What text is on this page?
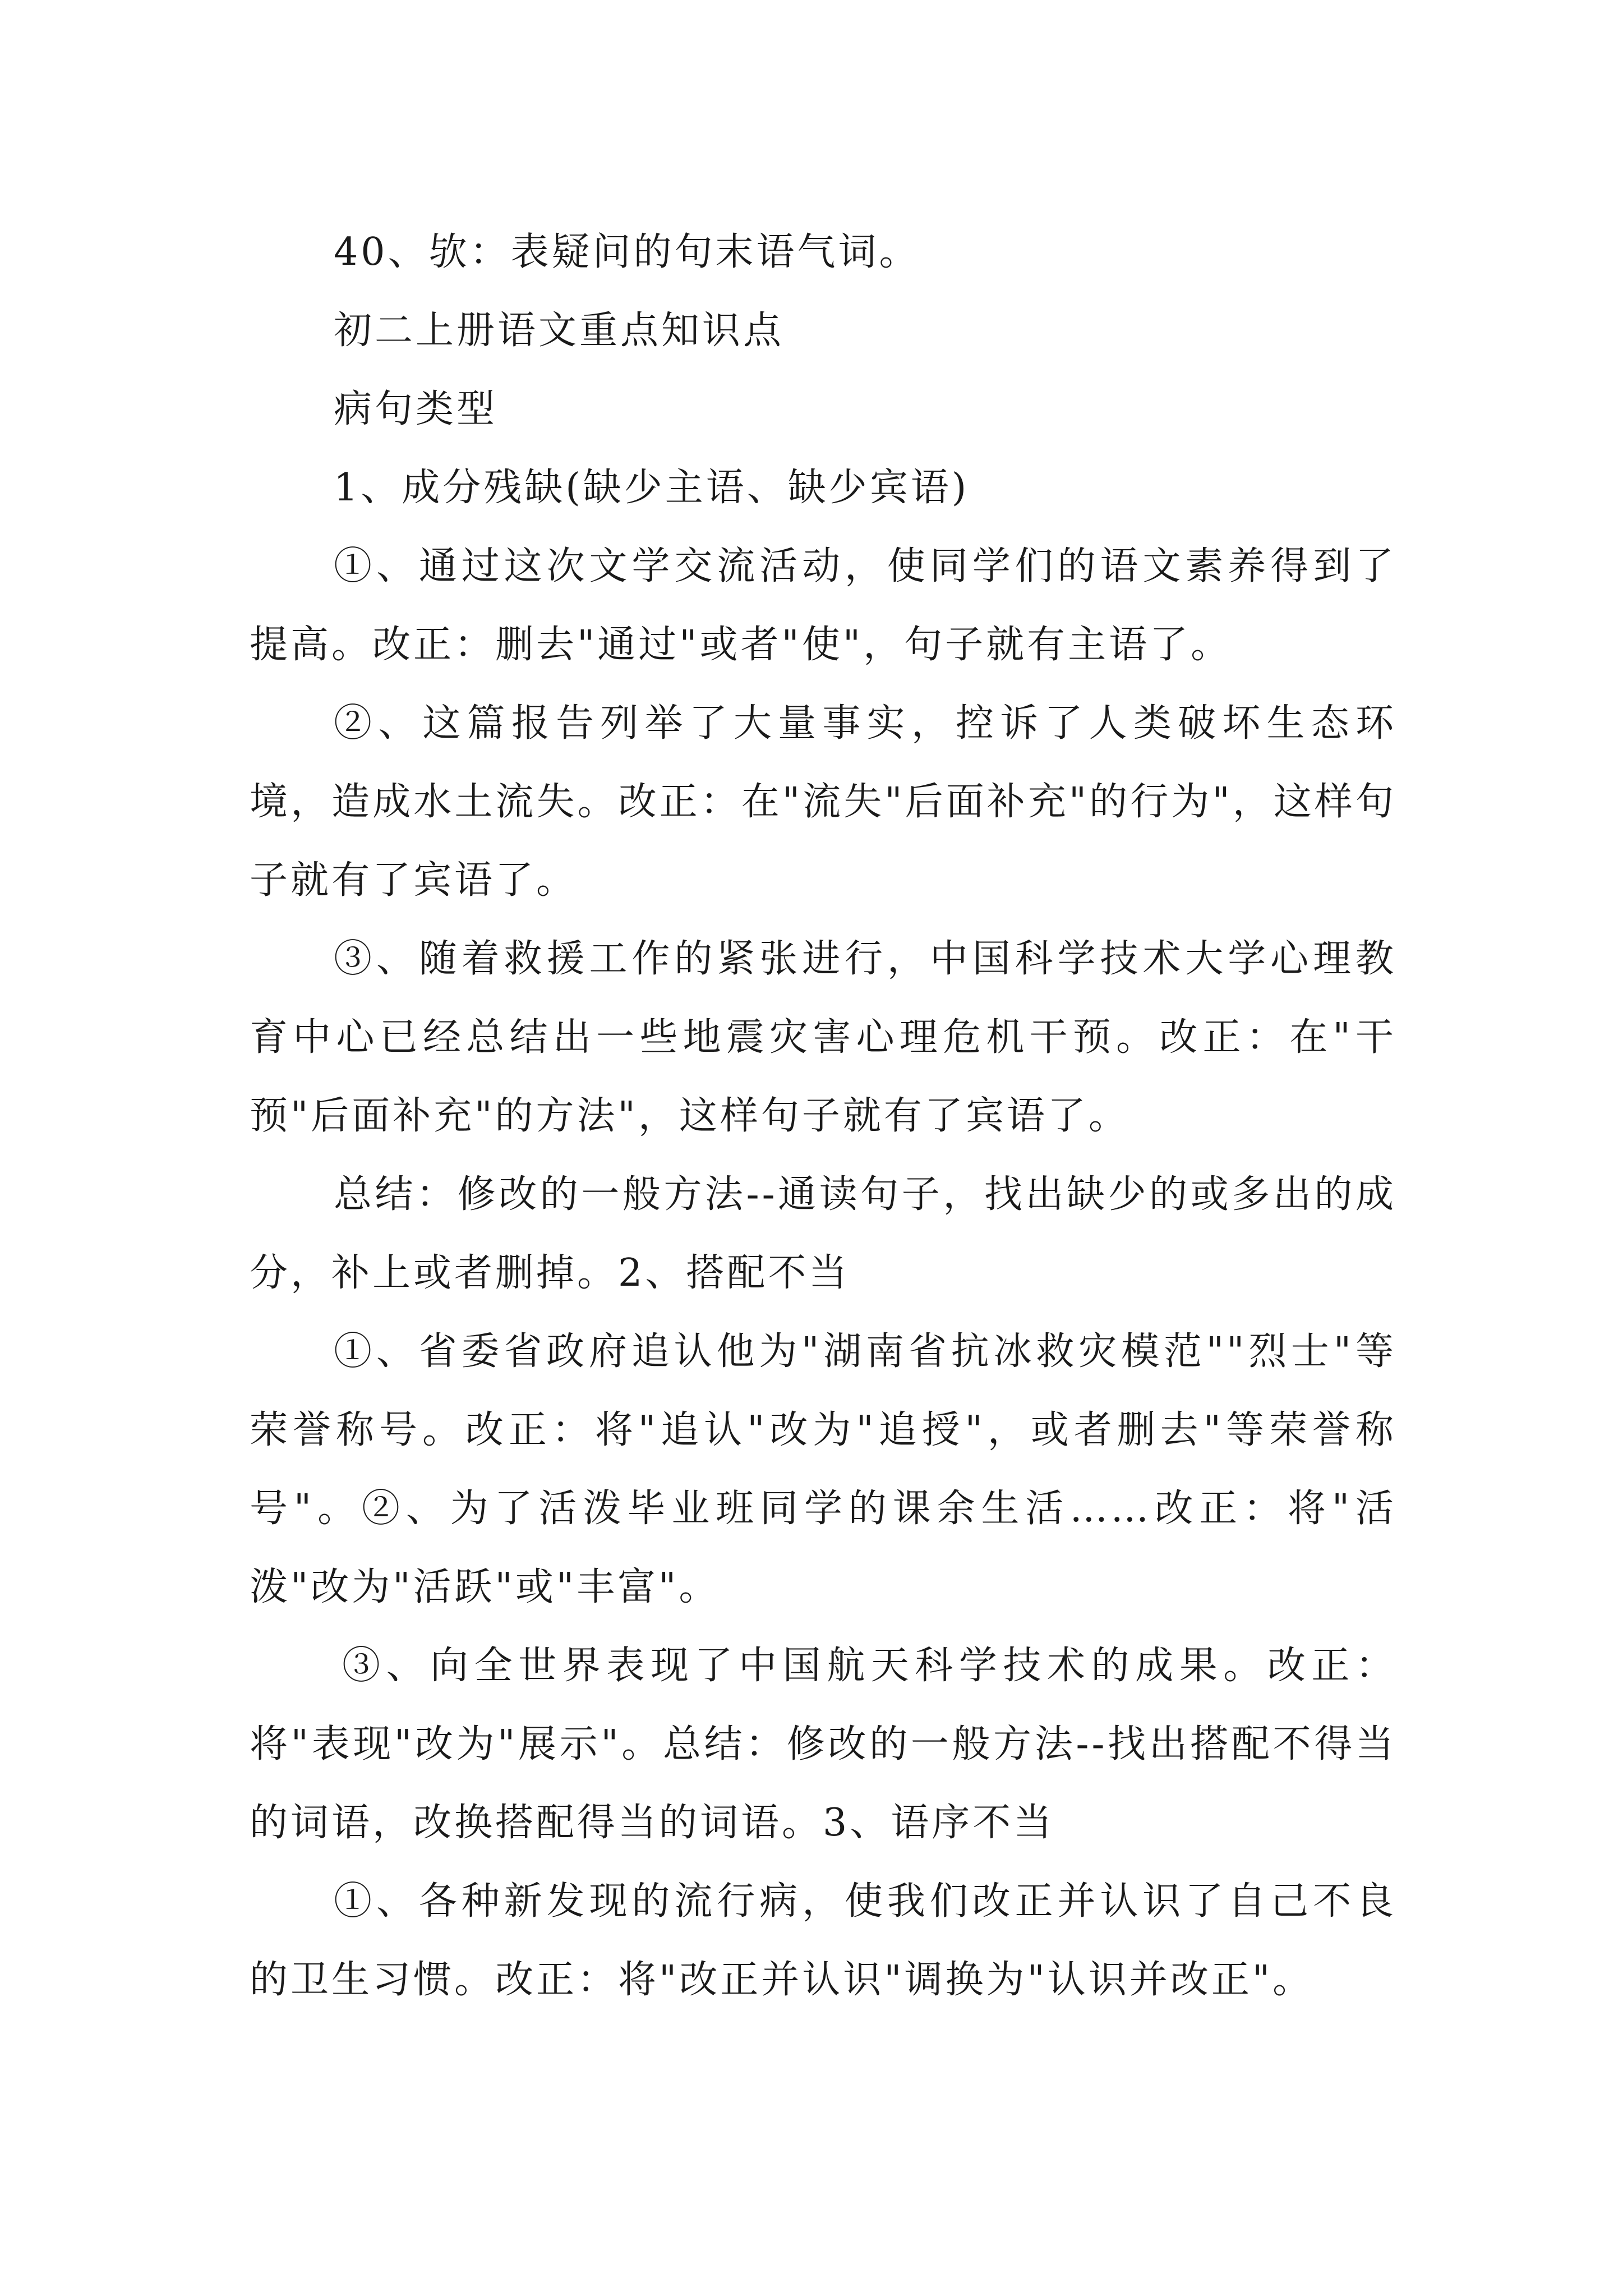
40、欤：表疑问的句末语气词。

初二上册语文重点知识点

病句类型

1、成分残缺(缺少主语、缺少宾语)

①、通过这次文学交流活动，使同学们的语文素养得到了提高。改正：删去"通过"或者"使"，句子就有主语了。

②、这篇报告列举了大量事实，控诉了人类破坏生态环境，造成水土流失。改正：在"流失"后面补充"的行为"，这样句子就有了宾语了。

③、随着救援工作的紧张进行，中国科学技术大学心理教育中心已经总结出一些地震灾害心理危机干预。改正：在"干预"后面补充"的方法"，这样句子就有了宾语了。

总结：修改的一般方法--通读句子，找出缺少的或多出的成分，补上或者删掉。2、搭配不当

①、省委省政府追认他为"湖南省抗冰救灾模范""烈士"等荣誉称号。改正：将"追认"改为"追授"，或者删去"等荣誉称号"。②、为了活泼毕业班同学的课余生活……改正：将"活泼"改为"活跃"或"丰富"。

③、向全世界表现了中国航天科学技术的成果。改正：将"表现"改为"展示"。总结：修改的一般方法--找出搭配不得当的词语，改换搭配得当的词语。3、语序不当

①、各种新发现的流行病，使我们改正并认识了自己不良的卫生习惯。改正：将"改正并认识"调换为"认识并改正"。
